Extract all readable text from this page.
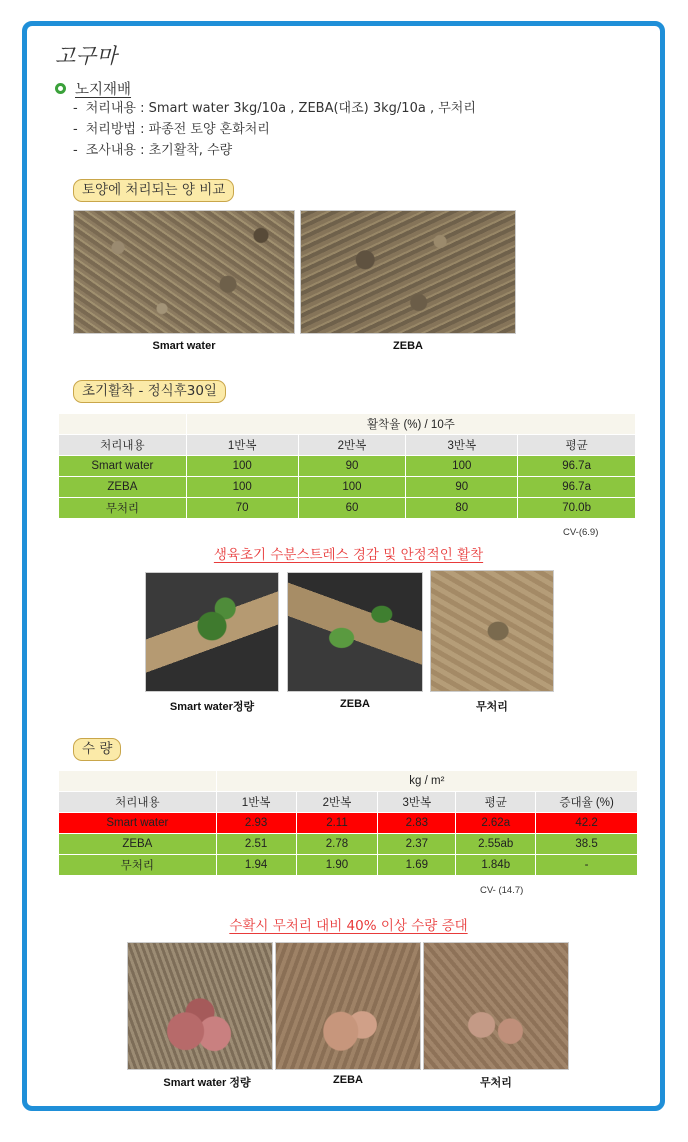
고구마
노지재배
- 처리내용 : Smart water 3kg/10a , ZEBA(대조) 3kg/10a , 무처리
- 처리방법 : 파종전 토양 혼화처리
- 조사내용 : 초기활착, 수량
토양에 처리되는 양 비교
Smart water	ZEBA
초기활착 - 정식후30일
	활착율 (%) / 10주			
처리내용	1반복	2반복	3반복	평균
Smart water	100	90	100	96.7a
ZEBA	100	100	90	96.7a
무처리	70	60	80	70.0b
CV-(6.9)
생육초기 수분스트레스 경감 및 안정적인 활착
Smart water정량	ZEBA	무처리
수 량
	kg / m²				
처리내용	1반복	2반복	3반복	평균	증대율 (%)
Smart water	2.93	2.11	2.83	2.62a	42.2
ZEBA	2.51	2.78	2.37	2.55ab	38.5
무처리	1.94	1.90	1.69	1.84b	-
CV- (14.7)
수확시 무처리 대비 40% 이상 수량 증대
Smart water 정량	ZEBA	무처리
